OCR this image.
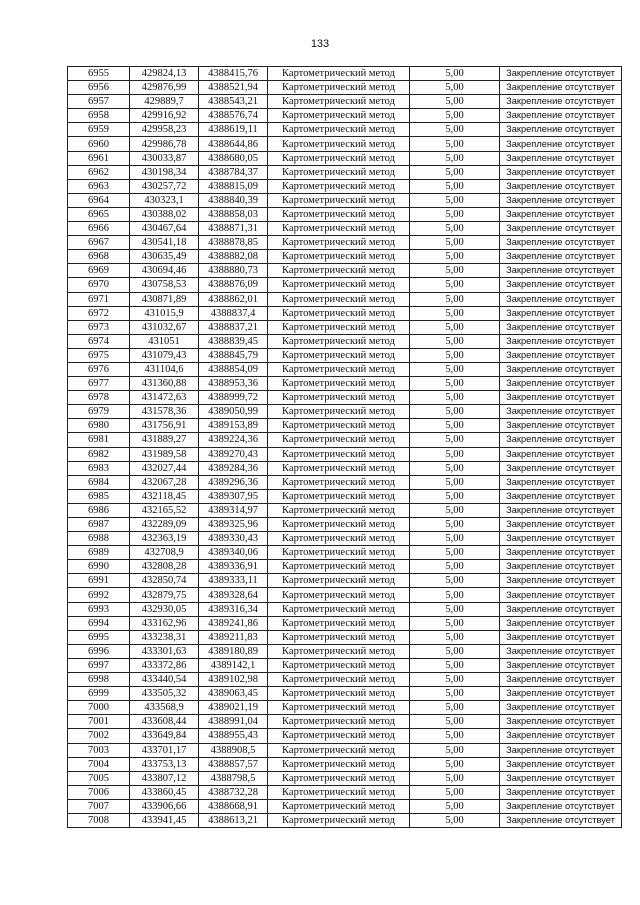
133
6955	429824,13	4388415,76	Картометрический метод	5,00	Закрепление отсутствует
6956	429876,99	4388521,94	Картометрический метод	5,00	Закрепление отсутствует
6957	429889,7	4388543,21	Картометрический метод	5,00	Закрепление отсутствует
6958	429916,92	4388576,74	Картометрический метод	5,00	Закрепление отсутствует
6959	429958,23	4388619,11	Картометрический метод	5,00	Закрепление отсутствует
6960	429986,78	4388644,86	Картометрический метод	5,00	Закрепление отсутствует
6961	430033,87	4388680,05	Картометрический метод	5,00	Закрепление отсутствует
6962	430198,34	4388784,37	Картометрический метод	5,00	Закрепление отсутствует
6963	430257,72	4388815,09	Картометрический метод	5,00	Закрепление отсутствует
6964	430323,1	4388840,39	Картометрический метод	5,00	Закрепление отсутствует
6965	430388,02	4388858,03	Картометрический метод	5,00	Закрепление отсутствует
6966	430467,64	4388871,31	Картометрический метод	5,00	Закрепление отсутствует
6967	430541,18	4388878,85	Картометрический метод	5,00	Закрепление отсутствует
6968	430635,49	4388882,08	Картометрический метод	5,00	Закрепление отсутствует
6969	430694,46	4388880,73	Картометрический метод	5,00	Закрепление отсутствует
6970	430758,53	4388876,09	Картометрический метод	5,00	Закрепление отсутствует
6971	430871,89	4388862,01	Картометрический метод	5,00	Закрепление отсутствует
6972	431015,9	4388837,4	Картометрический метод	5,00	Закрепление отсутствует
6973	431032,67	4388837,21	Картометрический метод	5,00	Закрепление отсутствует
6974	431051	4388839,45	Картометрический метод	5,00	Закрепление отсутствует
6975	431079,43	4388845,79	Картометрический метод	5,00	Закрепление отсутствует
6976	431104,6	4388854,09	Картометрический метод	5,00	Закрепление отсутствует
6977	431360,88	4388953,36	Картометрический метод	5,00	Закрепление отсутствует
6978	431472,63	4388999,72	Картометрический метод	5,00	Закрепление отсутствует
6979	431578,36	4389050,99	Картометрический метод	5,00	Закрепление отсутствует
6980	431756,91	4389153,89	Картометрический метод	5,00	Закрепление отсутствует
6981	431889,27	4389224,36	Картометрический метод	5,00	Закрепление отсутствует
6982	431989,58	4389270,43	Картометрический метод	5,00	Закрепление отсутствует
6983	432027,44	4389284,36	Картометрический метод	5,00	Закрепление отсутствует
6984	432067,28	4389296,36	Картометрический метод	5,00	Закрепление отсутствует
6985	432118,45	4389307,95	Картометрический метод	5,00	Закрепление отсутствует
6986	432165,52	4389314,97	Картометрический метод	5,00	Закрепление отсутствует
6987	432289,09	4389325,96	Картометрический метод	5,00	Закрепление отсутствует
6988	432363,19	4389330,43	Картометрический метод	5,00	Закрепление отсутствует
6989	432708,9	4389340,06	Картометрический метод	5,00	Закрепление отсутствует
6990	432808,28	4389336,91	Картометрический метод	5,00	Закрепление отсутствует
6991	432850,74	4389333,11	Картометрический метод	5,00	Закрепление отсутствует
6992	432879,75	4389328,64	Картометрический метод	5,00	Закрепление отсутствует
6993	432930,05	4389316,34	Картометрический метод	5,00	Закрепление отсутствует
6994	433162,96	4389241,86	Картометрический метод	5,00	Закрепление отсутствует
6995	433238,31	4389211,83	Картометрический метод	5,00	Закрепление отсутствует
6996	433301,63	4389180,89	Картометрический метод	5,00	Закрепление отсутствует
6997	433372,86	4389142,1	Картометрический метод	5,00	Закрепление отсутствует
6998	433440,54	4389102,98	Картометрический метод	5,00	Закрепление отсутствует
6999	433505,32	4389063,45	Картометрический метод	5,00	Закрепление отсутствует
7000	433568,9	4389021,19	Картометрический метод	5,00	Закрепление отсутствует
7001	433608,44	4388991,04	Картометрический метод	5,00	Закрепление отсутствует
7002	433649,84	4388955,43	Картометрический метод	5,00	Закрепление отсутствует
7003	433701,17	4388908,5	Картометрический метод	5,00	Закрепление отсутствует
7004	433753,13	4388857,57	Картометрический метод	5,00	Закрепление отсутствует
7005	433807,12	4388798,5	Картометрический метод	5,00	Закрепление отсутствует
7006	433860,45	4388732,28	Картометрический метод	5,00	Закрепление отсутствует
7007	433906,66	4388668,91	Картометрический метод	5,00	Закрепление отсутствует
7008	433941,45	4388613,21	Картометрический метод	5,00	Закрепление отсутствует
